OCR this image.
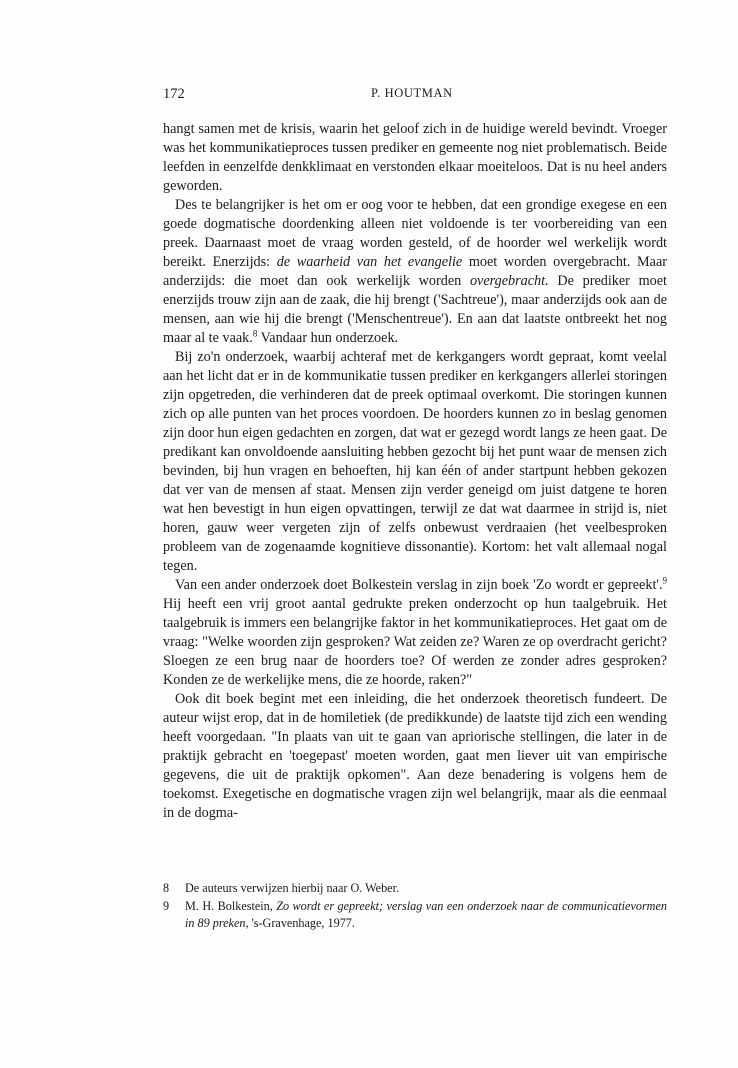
172	P. HOUTMAN

hangt samen met de krisis, waarin het geloof zich in de huidige wereld bevindt. Vroeger was het kommunikatieproces tussen prediker en gemeente nog niet problematisch. Beide leefden in eenzelfde denkklimaat en verstonden elkaar moeiteloos. Dat is nu heel anders geworden.

Des te belangrijker is het om er oog voor te hebben, dat een grondige exegese en een goede dogmatische doordenking alleen niet voldoende is ter voorbereiding van een preek. Daarnaast moet de vraag worden gesteld, of de hoorder wel werkelijk wordt bereikt. Enerzijds: de waarheid van het evangelie moet worden overgebracht. Maar anderzijds: die moet dan ook werkelijk worden overgebracht. De prediker moet enerzijds trouw zijn aan de zaak, die hij brengt ('Sachtreue'), maar anderzijds ook aan de mensen, aan wie hij die brengt ('Menschentreue'). En aan dat laatste ontbreekt het nog maar al te vaak.$^8$ Vandaar hun onderzoek.

Bij zo'n onderzoek, waarbij achteraf met de kerkgangers wordt gepraat, komt veelal aan het licht dat er in de kommunikatie tussen prediker en kerkgangers allerlei storingen zijn opgetreden, die verhinderen dat de preek optimaal overkomt. Die storingen kunnen zich op alle punten van het proces voordoen. De hoorders kunnen zo in beslag genomen zijn door hun eigen gedachten en zorgen, dat wat er gezegd wordt langs ze heen gaat. De predikant kan onvoldoende aansluiting hebben gezocht bij het punt waar de mensen zich bevinden, bij hun vragen en behoeften, hij kan één of ander startpunt hebben gekozen dat ver van de mensen af staat. Mensen zijn verder geneigd om juist datgene te horen wat hen bevestigt in hun eigen opvattingen, terwijl ze dat wat daarmee in strijd is, niet horen, gauw weer vergeten zijn of zelfs onbewust verdraaien (het veelbesproken probleem van de zogenaamde kognitieve dissonantie). Kortom: het valt allemaal nogal tegen.

Van een ander onderzoek doet Bolkestein verslag in zijn boek 'Zo wordt er gepreekt'.$^9$ Hij heeft een vrij groot aantal gedrukte preken onderzocht op hun taalgebruik. Het taalgebruik is immers een belangrijke faktor in het kommunikatieproces. Het gaat om de vraag: "Welke woorden zijn gesproken? Wat zeiden ze? Waren ze op overdracht gericht? Sloegen ze een brug naar de hoorders toe? Of werden ze zonder adres gesproken? Konden ze de werkelijke mens, die ze hoorde, raken?"

Ook dit boek begint met een inleiding, die het onderzoek theoretisch fundeert. De auteur wijst erop, dat in de homiletiek (de predikkunde) de laatste tijd zich een wending heeft voorgedaan. "In plaats van uit te gaan van apriorische stellingen, die later in de praktijk gebracht en 'toegepast' moeten worden, gaat men liever uit van empirische gegevens, die uit de praktijk opkomen". Aan deze benadering is volgens hem de toekomst. Exegetische en dogmatische vragen zijn wel belangrijk, maar als die eenmaal in de dogma-

8 De auteurs verwijzen hierbij naar O. Weber.

9 M. H. Bolkestein, Zo wordt er gepreekt; verslag van een onderzoek naar de communicatievormen in 89 preken, 's-Gravenhage, 1977.
